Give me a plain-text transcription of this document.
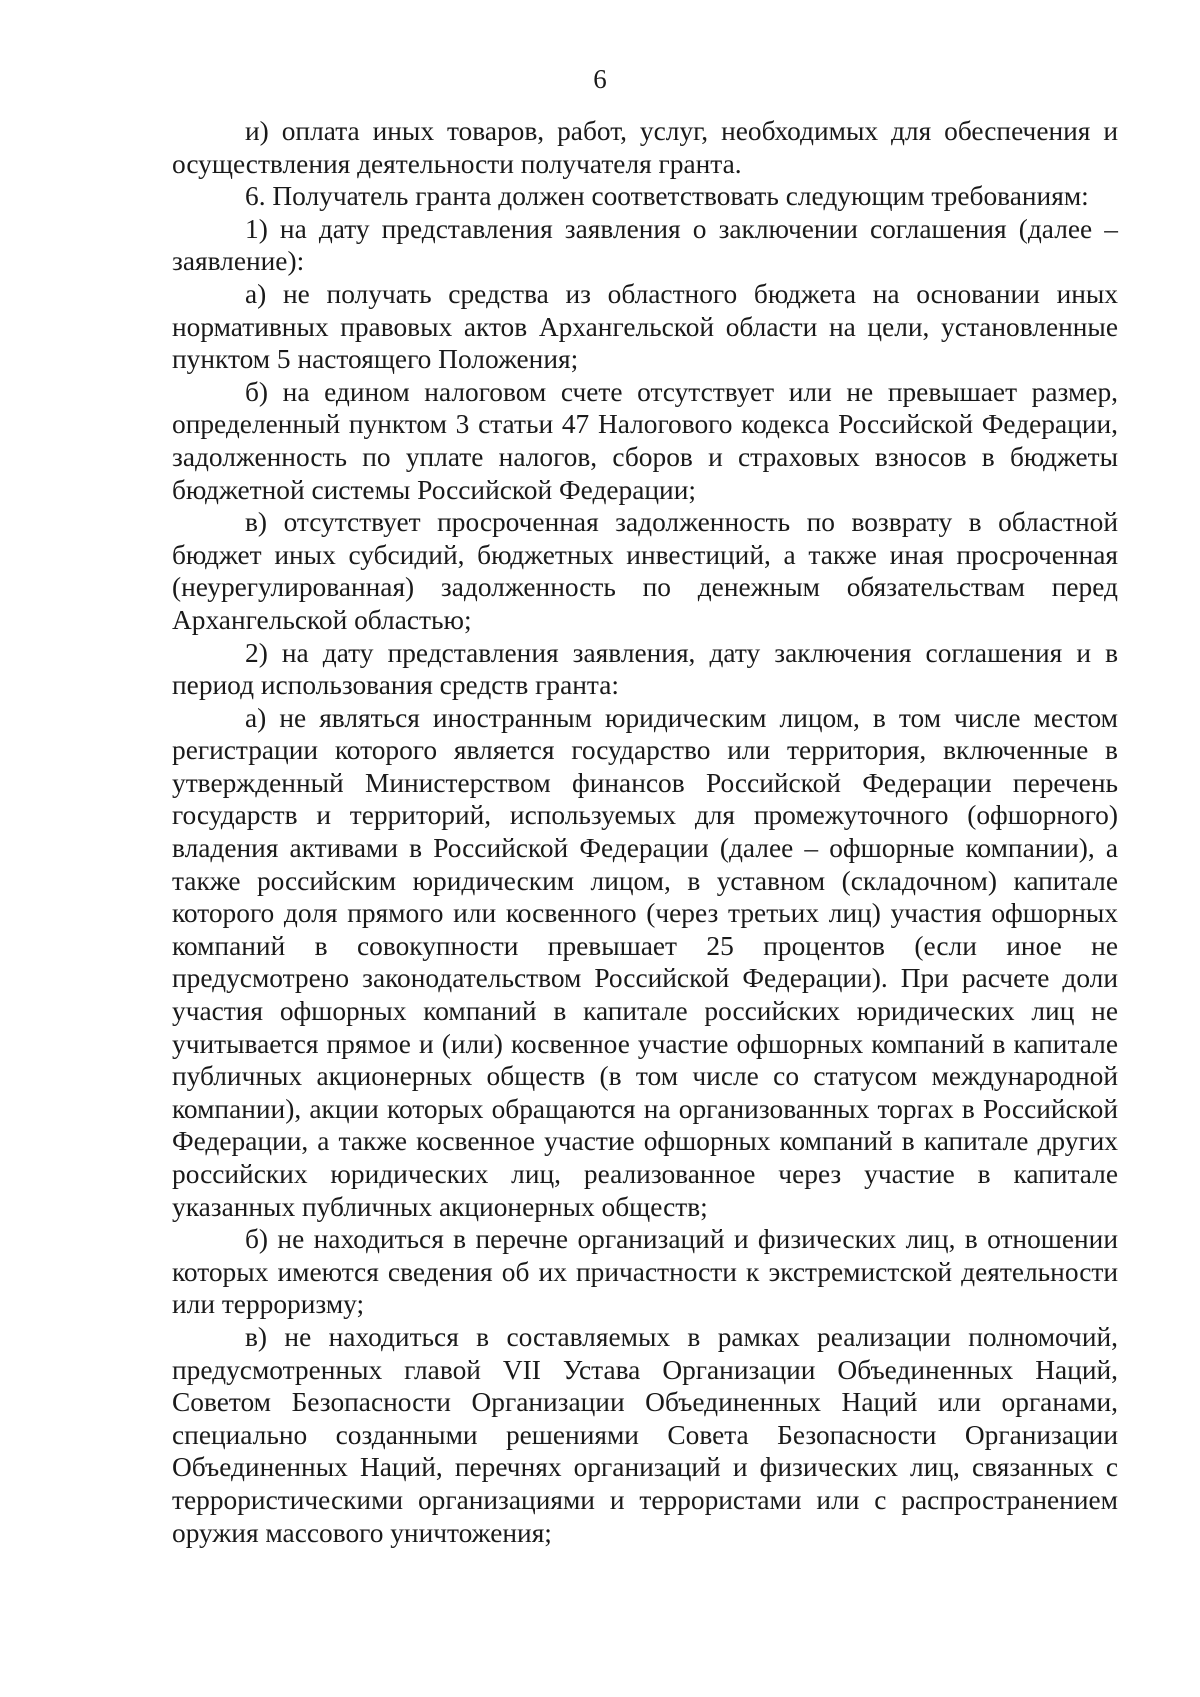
6

и) оплата иных товаров, работ, услуг, необходимых для обеспечения и осуществления деятельности получателя гранта.

6. Получатель гранта должен соответствовать следующим требованиям:

1) на дату представления заявления о заключении соглашения (далее – заявление):

а) не получать средства из областного бюджета на основании иных нормативных правовых актов Архангельской области на цели, установленные пунктом 5 настоящего Положения;

б) на едином налоговом счете отсутствует или не превышает размер, определенный пунктом 3 статьи 47 Налогового кодекса Российской Федерации, задолженность по уплате налогов, сборов и страховых взносов в бюджеты бюджетной системы Российской Федерации;

в) отсутствует просроченная задолженность по возврату в областной бюджет иных субсидий, бюджетных инвестиций, а также иная просроченная (неурегулированная) задолженность по денежным обязательствам перед Архангельской областью;

2) на дату представления заявления, дату заключения соглашения и в период использования средств гранта:

а) не являться иностранным юридическим лицом, в том числе местом регистрации которого является государство или территория, включенные в утвержденный Министерством финансов Российской Федерации перечень государств и территорий, используемых для промежуточного (офшорного) владения активами в Российской Федерации (далее – офшорные компании), а также российским юридическим лицом, в уставном (складочном) капитале которого доля прямого или косвенного (через третьих лиц) участия офшорных компаний в совокупности превышает 25 процентов (если иное не предусмотрено законодательством Российской Федерации). При расчете доли участия офшорных компаний в капитале российских юридических лиц не учитывается прямое и (или) косвенное участие офшорных компаний в капитале публичных акционерных обществ (в том числе со статусом международной компании), акции которых обращаются на организованных торгах в Российской Федерации, а также косвенное участие офшорных компаний в капитале других российских юридических лиц, реализованное через участие в капитале указанных публичных акционерных обществ;

б) не находиться в перечне организаций и физических лиц, в отношении которых имеются сведения об их причастности к экстремистской деятельности или терроризму;

в) не находиться в составляемых в рамках реализации полномочий, предусмотренных главой VII Устава Организации Объединенных Наций, Советом Безопасности Организации Объединенных Наций или органами, специально созданными решениями Совета Безопасности Организации Объединенных Наций, перечнях организаций и физических лиц, связанных с террористическими организациями и террористами или с распространением оружия массового уничтожения;
